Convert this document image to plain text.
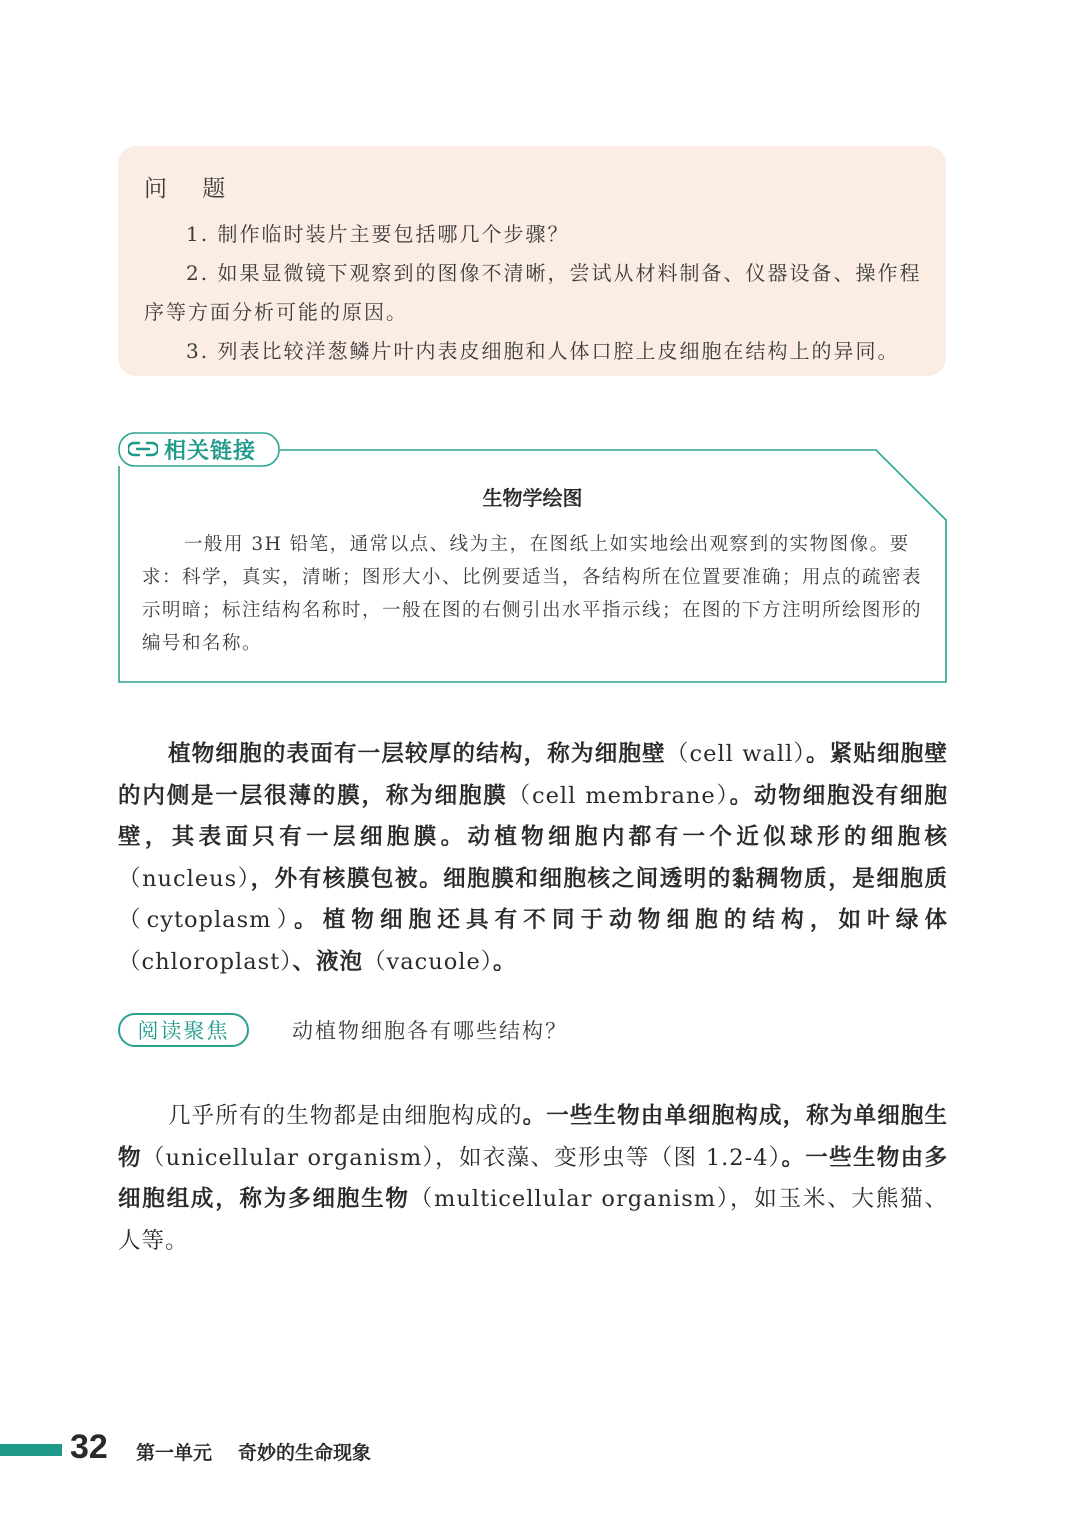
问 题
1. 制作临时装片主要包括哪几个步骤？
2. 如果显微镜下观察到的图像不清晰，尝试从材料制备、仪器设备、操作程序等方面分析可能的原因。
3. 列表比较洋葱鳞片叶内表皮细胞和人体口腔上皮细胞在结构上的异同。
相关链接
生物学绘图
一般用 3H 铅笔，通常以点、线为主，在图纸上如实地绘出观察到的实物图像。要求：科学，真实，清晰；图形大小、比例要适当，各结构所在位置要准确；用点的疏密表示明暗；标注结构名称时，一般在图的右侧引出水平指示线；在图的下方注明所绘图形的编号和名称。
植物细胞的表面有一层较厚的结构，称为细胞壁（cell wall）。紧贴细胞壁的内侧是一层很薄的膜，称为细胞膜（cell membrane）。动物细胞没有细胞壁，其表面只有一层细胞膜。动植物细胞内都有一个近似球形的细胞核（nucleus），外有核膜包被。细胞膜和细胞核之间透明的黏稠物质，是细胞质（cytoplasm）。植物细胞还具有不同于动物细胞的结构，如叶绿体（chloroplast）、液泡（vacuole）。
阅读聚焦	动植物细胞各有哪些结构？
几乎所有的生物都是由细胞构成的。一些生物由单细胞构成，称为单细胞生物（unicellular organism），如衣藻、变形虫等（图 1.2-4）。一些生物由多细胞组成，称为多细胞生物（multicellular organism），如玉米、大熊猫、人等。
32 第一单元 奇妙的生命现象
